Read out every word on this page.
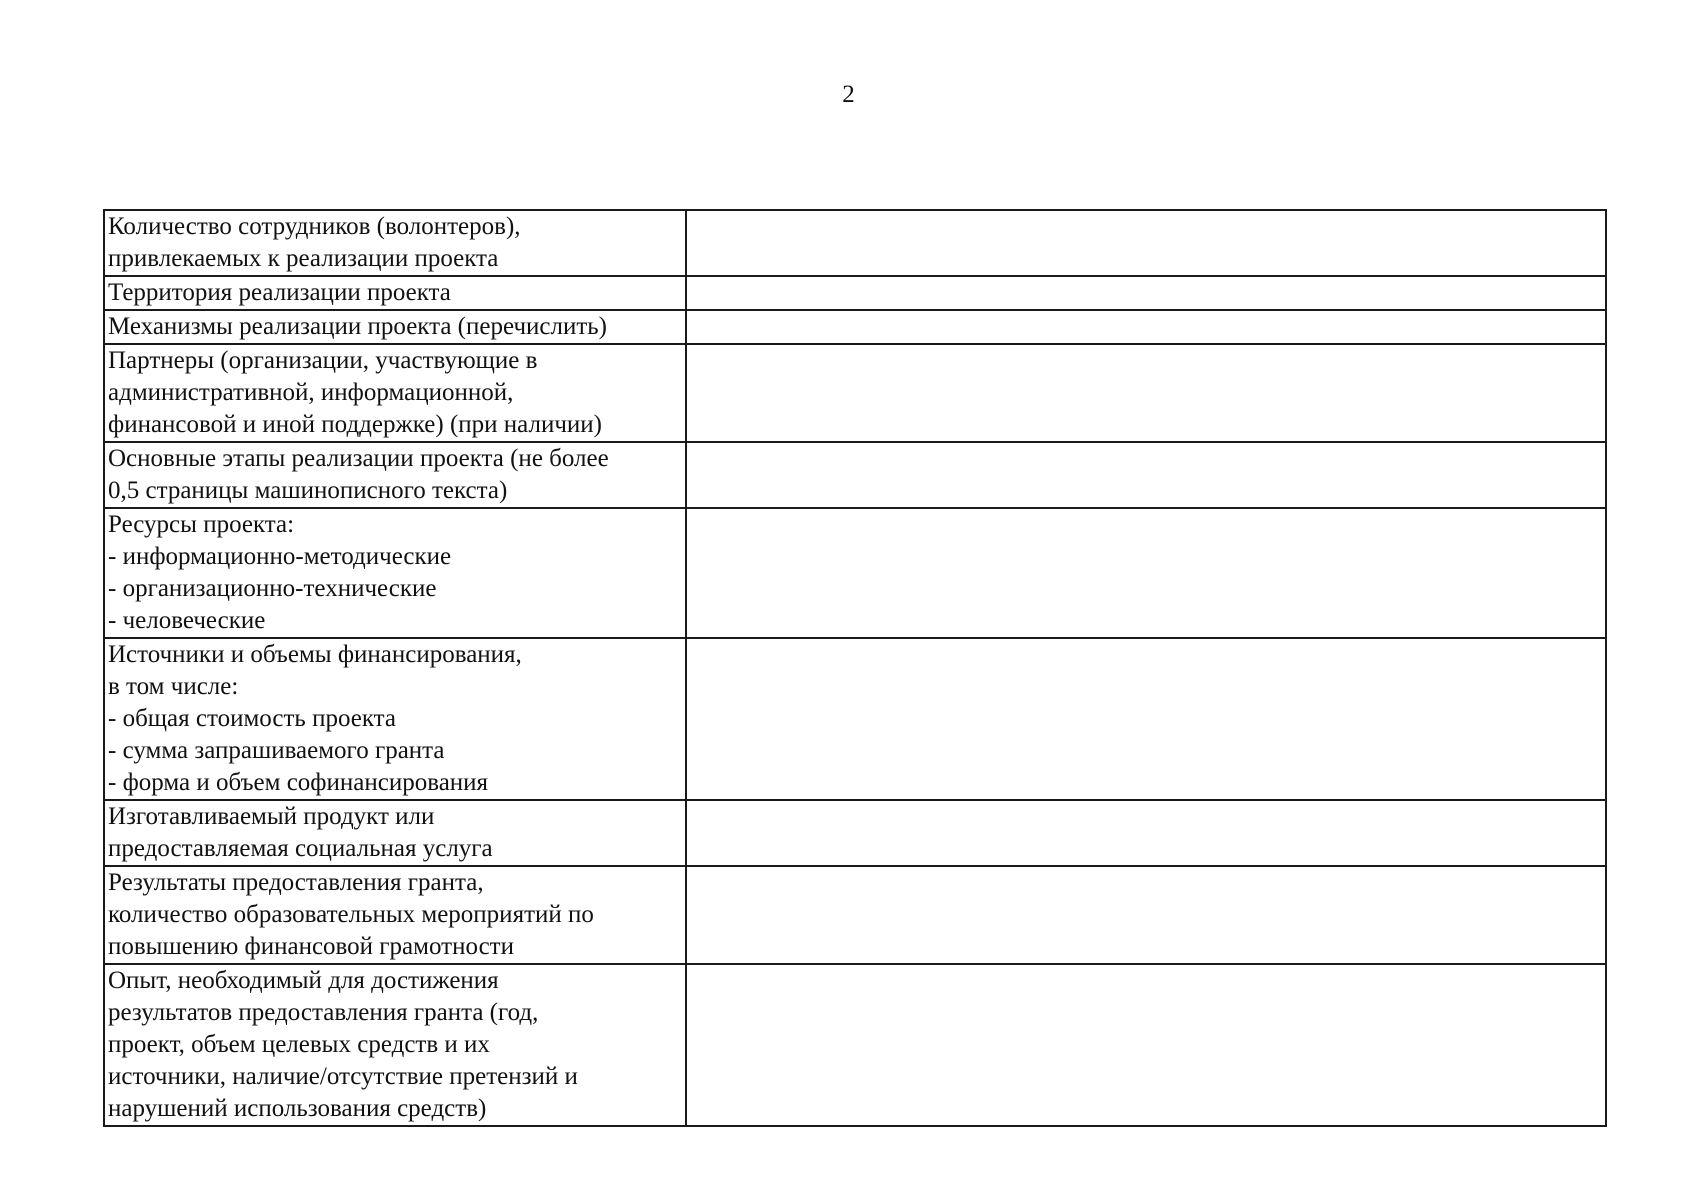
2
Количество сотрудников (волонтеров),
привлекаемых к реализации проекта	

Территория реализации проекта	

Механизмы реализации проекта (перечислить)	

Партнеры (организации, участвующие в
административной, информационной,
финансовой и иной поддержке) (при наличии)	

Основные этапы реализации проекта (не более
0,5 страницы машинописного текста)	

Ресурсы проекта:
- информационно-методические
- организационно-технические
- человеческие	

Источники и объемы финансирования,
в том числе:
- общая стоимость проекта
- сумма запрашиваемого гранта
- форма и объем софинансирования	

Изготавливаемый продукт или
предоставляемая социальная услуга	

Результаты предоставления гранта,
количество образовательных мероприятий по
повышению финансовой грамотности	

Опыт, необходимый для достижения
результатов предоставления гранта (год,
проект, объем целевых средств и их
источники, наличие/отсутствие претензий и
нарушений использования средств)	
